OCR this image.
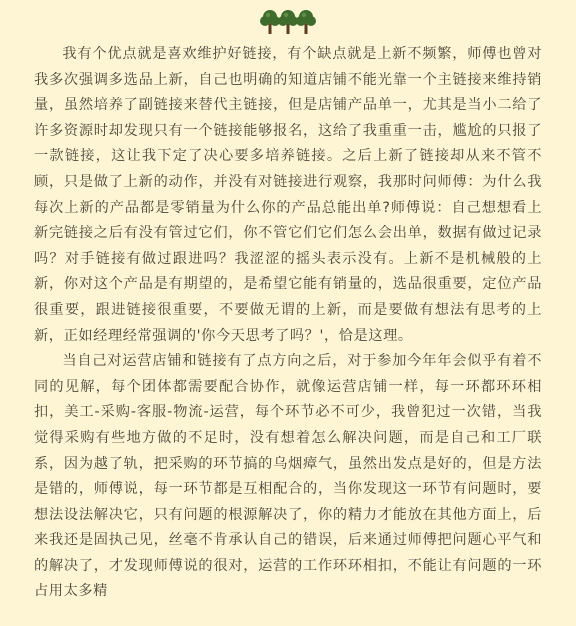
我有个优点就是喜欢维护好链接，有个缺点就是上新不频繁，师傅也曾对我多次强调多选品上新，自己也明确的知道店铺不能光靠一个主链接来维持销量，虽然培养了副链接来替代主链接，但是店铺产品单一，尤其是当小二给了许多资源时却发现只有一个链接能够报名，这给了我重重一击，尴尬的只报了一款链接，这让我下定了决心要多培养链接。之后上新了链接却从来不管不顾，只是做了上新的动作，并没有对链接进行观察，我那时问师傅：为什么我每次上新的产品都是零销量为什么你的产品总能出单?师傅说：自己想想看上新完链接之后有没有管过它们，你不管它们它们怎么会出单，数据有做过记录吗？对手链接有做过跟进吗？我涩涩的摇头表示没有。上新不是机械般的上新，你对这个产品是有期望的，是希望它能有销量的，选品很重要，定位产品很重要，跟进链接很重要，不要做无谓的上新，而是要做有想法有思考的上新，正如经理经常强调的'你今天思考了吗？'，恰是这理。

当自己对运营店铺和链接有了点方向之后，对于参加今年年会似乎有着不同的见解，每个团体都需要配合协作，就像运营店铺一样，每一环都环环相扣，美工-采购-客服-物流-运营，每个环节必不可少，我曾犯过一次错，当我觉得采购有些地方做的不足时，没有想着怎么解决问题，而是自己和工厂联系，因为越了轨，把采购的环节搞的乌烟瘴气，虽然出发点是好的，但是方法是错的，师傅说，每一环节都是互相配合的，当你发现这一环节有问题时，要想法设法解决它，只有问题的根源解决了，你的精力才能放在其他方面上，后来我还是固执己见，丝毫不肯承认自己的错误，后来通过师傅把问题心平气和的解决了，才发现师傅说的很对，运营的工作环环相扣，不能让有问题的一环占用太多精
